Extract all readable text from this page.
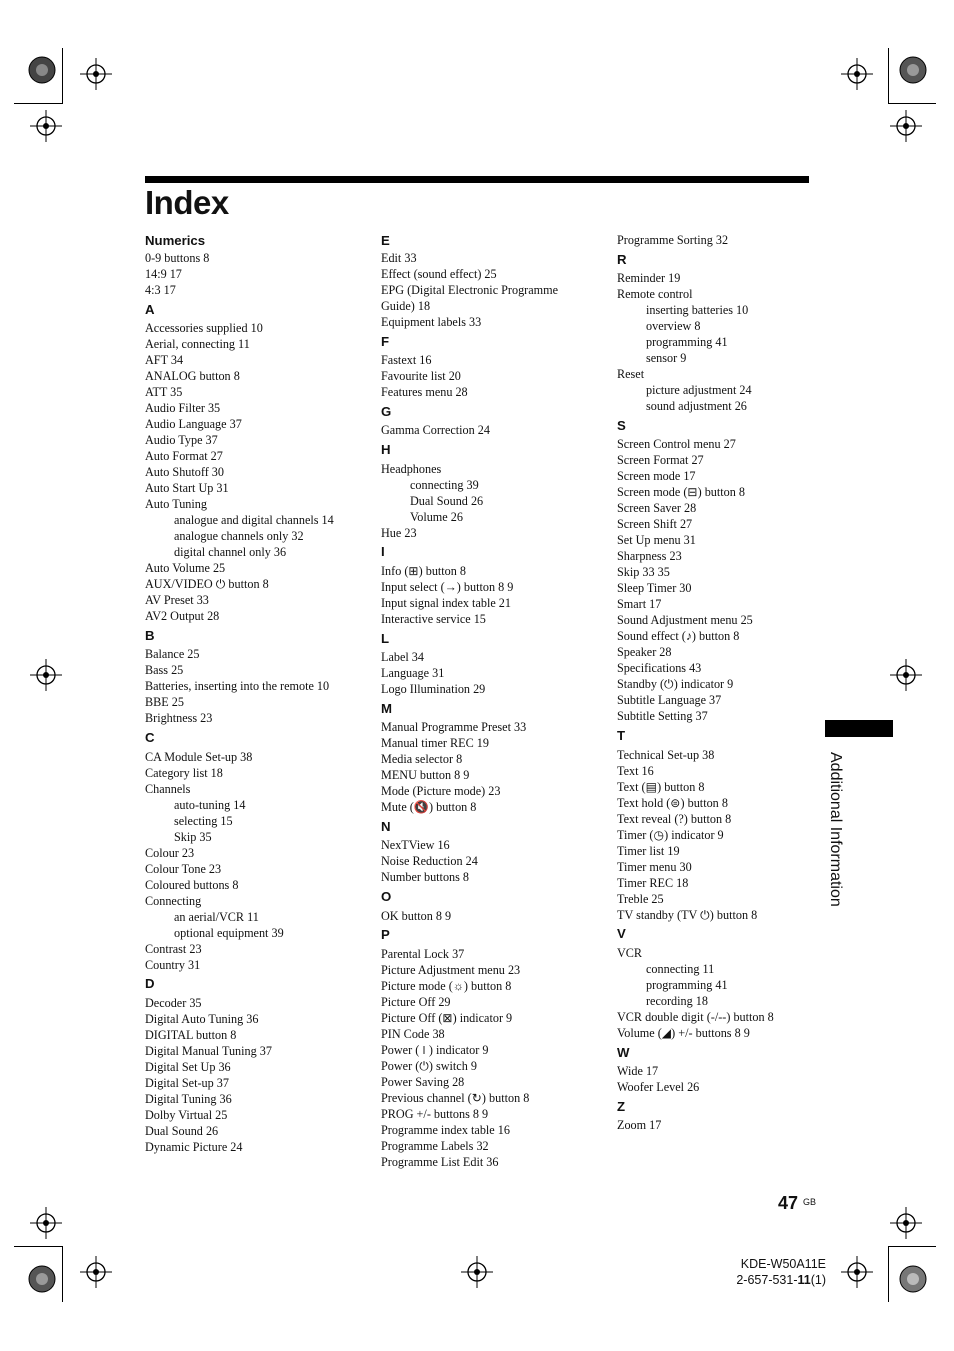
Index
Numerics
0-9 buttons 8
14:9 17
4:3 17
A
Accessories supplied 10
Aerial, connecting 11
AFT 34
ANALOG button 8
ATT 35
Audio Filter 35
Audio Language 37
Audio Type 37
Auto Format 27
Auto Shutoff 30
Auto Start Up 31
Auto Tuning
analogue and digital channels 14
analogue channels only 32
digital channel only 36
Auto Volume 25
AUX/VIDEO ⏻ button 8
AV Preset 33
AV2 Output 28
B
Balance 25
Bass 25
Batteries, inserting into the remote 10
BBE 25
Brightness 23
C
CA Module Set-up 38
Category list 18
Channels
auto-tuning 14
selecting 15
Skip 35
Colour 23
Colour Tone 23
Coloured buttons 8
Connecting
an aerial/VCR 11
optional equipment 39
Contrast 23
Country 31
D
Decoder 35
Digital Auto Tuning 36
DIGITAL button 8
Digital Manual Tuning 37
Digital Set Up 36
Digital Set-up 37
Digital Tuning 36
Dolby Virtual 25
Dual Sound 26
Dynamic Picture 24
E
Edit 33
Effect (sound effect) 25
EPG (Digital Electronic Programme
Guide) 18
Equipment labels 33
F
Fastext 16
Favourite list 20
Features menu 28
G
Gamma Correction 24
H
Headphones
connecting 39
Dual Sound 26
Volume 26
Hue 23
I
Info (⊞) button 8
Input select (→) button 8 9
Input signal index table 21
Interactive service 15
L
Label 34
Language 31
Logo Illumination 29
M
Manual Programme Preset 33
Manual timer REC 19
Media selector 8
MENU button 8 9
Mode (Picture mode) 23
Mute (🔇) button 8
N
NexTView 16
Noise Reduction 24
Number buttons 8
O
OK button 8 9
P
Parental Lock 37
Picture Adjustment menu 23
Picture mode (☼) button 8
Picture Off 29
Picture Off (⊠) indicator 9
PIN Code 38
Power (⏽) indicator 9
Power (⏻) switch 9
Power Saving 28
Previous channel (↻) button 8
PROG +/- buttons 8 9
Programme index table 16
Programme Labels 32
Programme List Edit 36
Programme Sorting 32
R
Reminder 19
Remote control
inserting batteries 10
overview 8
programming 41
sensor 9
Reset
picture adjustment 24
sound adjustment 26
S
Screen Control menu 27
Screen Format 27
Screen mode 17
Screen mode (⊟) button 8
Screen Saver 28
Screen Shift 27
Set Up menu 31
Sharpness 23
Skip 33 35
Sleep Timer 30
Smart 17
Sound Adjustment menu 25
Sound effect (♪) button 8
Speaker 28
Specifications 43
Standby (⏻) indicator 9
Subtitle Language 37
Subtitle Setting 37
T
Technical Set-up 38
Text 16
Text (▤) button 8
Text hold (⊜) button 8
Text reveal (?) button 8
Timer (◷) indicator 9
Timer list 19
Timer menu 30
Timer REC 18
Treble 25
TV standby (TV ⏻) button 8
V
VCR
connecting 11
programming 41
recording 18
VCR double digit (-/--) button 8
Volume (◢) +/- buttons 8 9
W
Wide 17
Woofer Level 26
Z
Zoom 17
Additional Information
47 GB
KDE-W50A11E
2-657-531-11(1)
